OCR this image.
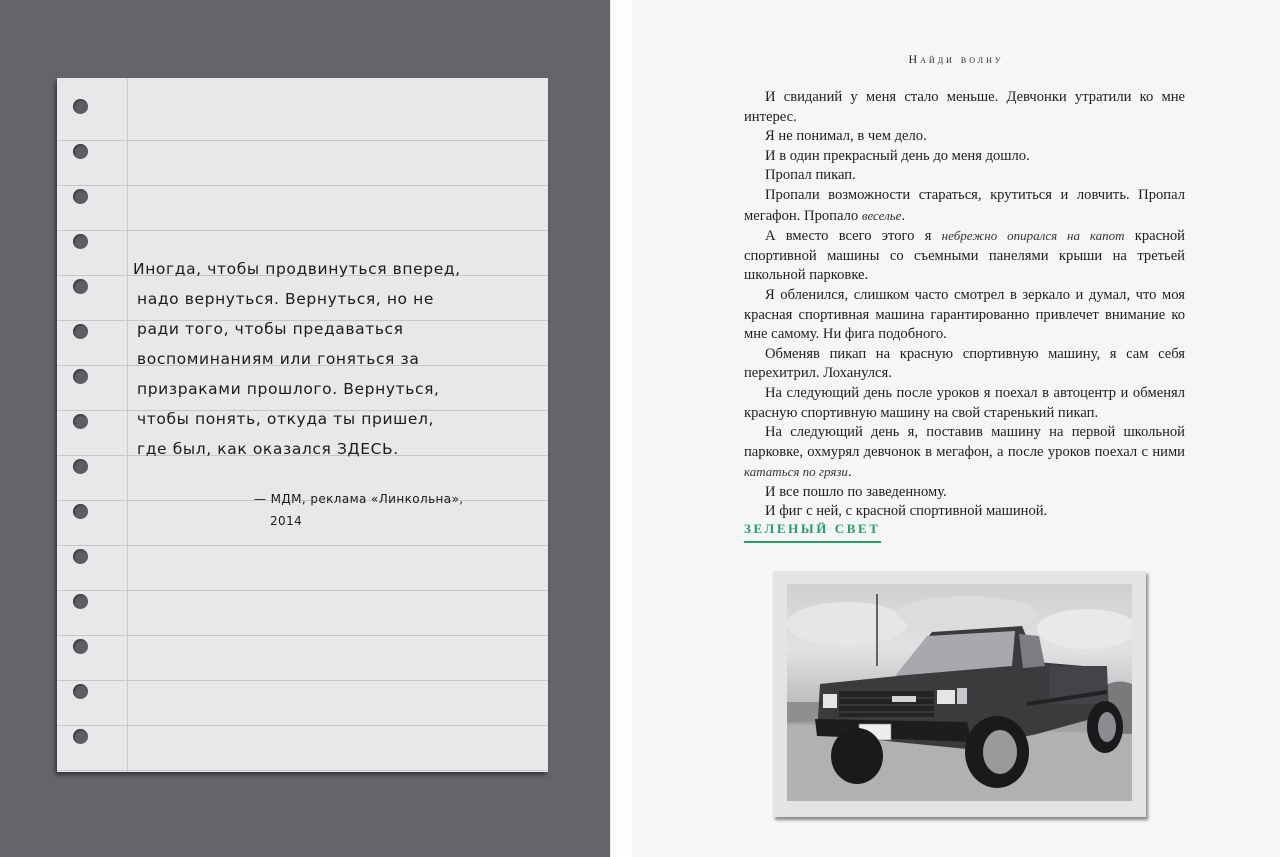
Иногда, чтобы продвинуться вперед,
надо вернуться. Вернуться, но не
ради того, чтобы предаваться
воспоминаниям или гоняться за
призраками прошлого. Вернуться,
чтобы понять, откуда ты пришел,
где был, как оказался ЗДЕСЬ.
— МДМ, реклама «Линкольна»,
2014
Найди волну

И свиданий у меня стало меньше. Девчонки утратили ко мне интерес.

Я не понимал, в чем дело.

И в один прекрасный день до меня дошло.

Пропал пикап.

Пропали возможности стараться, крутиться и ловчить. Пропал мегафон. Пропало веселье.

А вместо всего этого я небрежно опирался на капот красной спортивной машины со съемными панелями крыши на третьей школьной парковке.

Я обленился, слишком часто смотрел в зеркало и думал, что моя красная спортивная машина гарантированно привлечет внимание ко мне самому. Ни фига подобного.

Обменяв пикап на красную спортивную машину, я сам себя перехитрил. Лоханулся.

На следующий день после уроков я поехал в автоцентр и обменял красную спортивную машину на свой старенький пикап.

На следующий день я, поставив машину на первой школьной парковке, охмурял девчонок в мегафон, а после уроков поехал с ними кататься по грязи.

И все пошло по заведенному.

И фиг с ней, с красной спортивной машиной.

ЗЕЛЕНЫЙ СВЕТ
